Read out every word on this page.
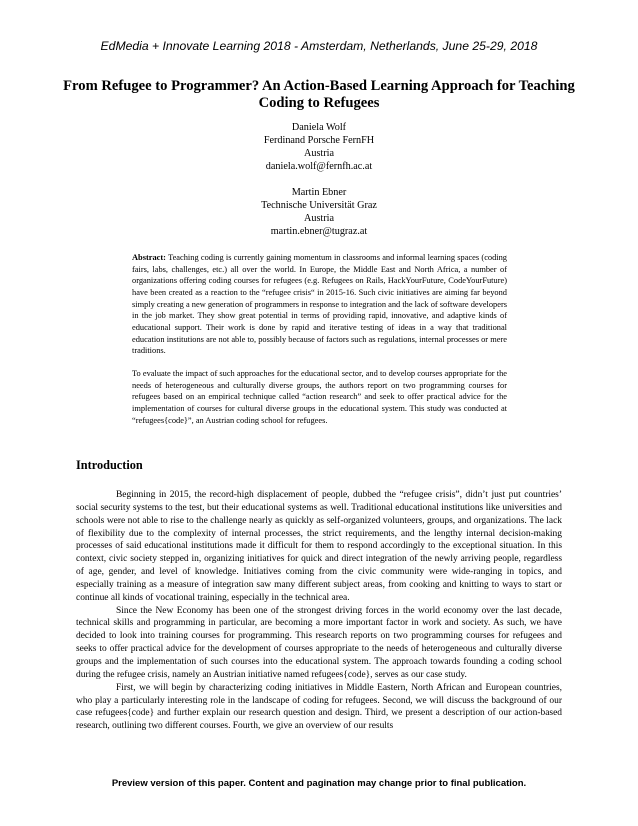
EdMedia + Innovate Learning 2018 - Amsterdam, Netherlands, June 25-29, 2018
From Refugee to Programmer? An Action-Based Learning Approach for Teaching Coding to Refugees
Daniela Wolf
Ferdinand Porsche FernFH
Austria
daniela.wolf@fernfh.ac.at
Martin Ebner
Technische Universität Graz
Austria
martin.ebner@tugraz.at

Abstract: Teaching coding is currently gaining momentum in classrooms and informal learning spaces (coding fairs, labs, challenges, etc.) all over the world. In Europe, the Middle East and North Africa, a number of organizations offering coding courses for refugees (e.g. Refugees on Rails, HackYourFuture, CodeYourFuture) have been created as a reaction to the “refugee crisis“ in 2015-16. Such civic initiatives are aiming far beyond simply creating a new generation of programmers in response to integration and the lack of software developers in the job market. They show great potential in terms of providing rapid, innovative, and adaptive kinds of educational support. Their work is done by rapid and iterative testing of ideas in a way that traditional education institutions are not able to, possibly because of factors such as regulations, internal processes or mere traditions.

To evaluate the impact of such approaches for the educational sector, and to develop courses appropriate for the needs of heterogeneous and culturally diverse groups, the authors report on two programming courses for refugees based on an empirical technique called “action research” and seek to offer practical advice for the implementation of courses for cultural diverse groups in the educational system. This study was conducted at “refugees{code}”, an Austrian coding school for refugees.

Introduction

Beginning in 2015, the record-high displacement of people, dubbed the “refugee crisis”, didn’t just put countries’ social security systems to the test, but their educational systems as well. Traditional educational institutions like universities and schools were not able to rise to the challenge nearly as quickly as self-organized volunteers, groups, and organizations. The lack of flexibility due to the complexity of internal processes, the strict requirements, and the lengthy internal decision-making processes of said educational institutions made it difficult for them to respond accordingly to the exceptional situation. In this context, civic society stepped in, organizing initiatives for quick and direct integration of the newly arriving people, regardless of age, gender, and level of knowledge. Initiatives coming from the civic community were wide-ranging in topics, and especially training as a measure of integration saw many different subject areas, from cooking and knitting to ways to start or continue all kinds of vocational training, especially in the technical area.

Since the New Economy has been one of the strongest driving forces in the world economy over the last decade, technical skills and programming in particular, are becoming a more important factor in work and society. As such, we have decided to look into training courses for programming. This research reports on two programming courses for refugees and seeks to offer practical advice for the development of courses appropriate to the needs of heterogeneous and culturally diverse groups and the implementation of such courses into the educational system. The approach towards founding a coding school during the refugee crisis, namely an Austrian initiative named refugees{code}, serves as our case study.

First, we will begin by characterizing coding initiatives in Middle Eastern, North African and European countries, who play a particularly interesting role in the landscape of coding for refugees. Second, we will discuss the background of our case refugees{code} and further explain our research question and design. Third, we present a description of our action-based research, outlining two different courses. Fourth, we give an overview of our results

Preview version of this paper. Content and pagination may change prior to final publication.
